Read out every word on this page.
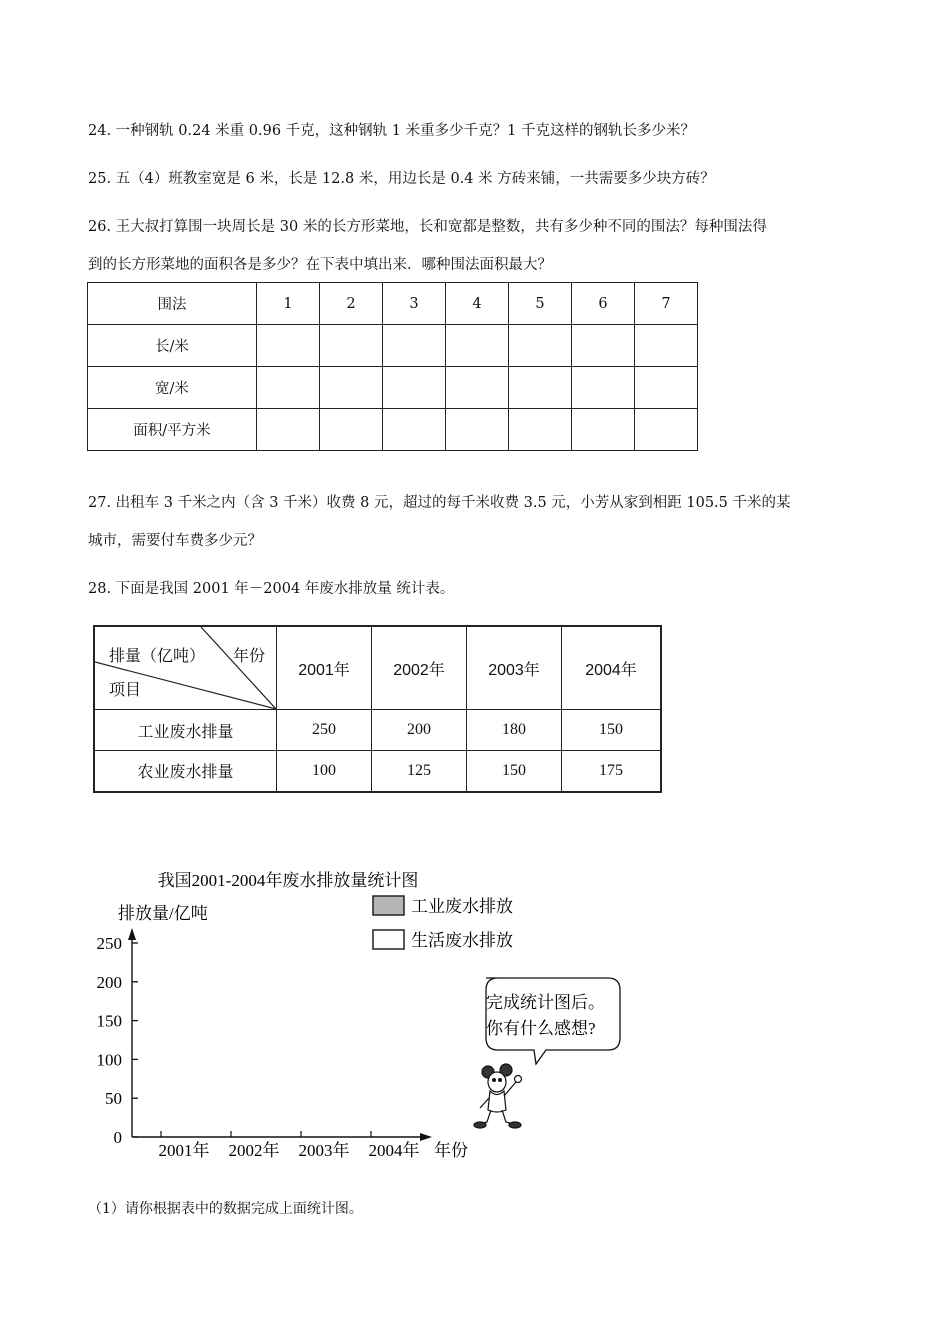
24. 一种钢轨 0.24 米重 0.96 千克，这种钢轨 1 米重多少千克？1 千克这样的钢轨长多少米？
25. 五（4）班教室宽是 6 米，长是 12.8 米，用边长是 0.4 米 方砖来铺，一共需要多少块方砖？
26. 王大叔打算围一块周长是 30 米的长方形菜地，长和宽都是整数，共有多少种不同的围法？每种围法得
到的长方形菜地的面积各是多少？在下表中填出来．哪种围法面积最大？
围法	1	2	3	4	5	6	7
长/米							
宽/米							
面积/平方米							
27. 出租车 3 千米之内（含 3 千米）收费 8 元，超过的每千米收费 3.5 元，小芳从家到相距 105.5 千米的某
城市，需要付车费多少元？
28. 下面是我国 2001 年－2004 年废水排放量 统计表。
排量（亿吨） 年份
项目	2001年	2002年	2003年	2004年
工业废水排量	250	200	180	150
农业废水排量	100	125	150	175
我国2001-2004年废水排放量统计图
排放量/亿吨	工业废水排放
生活废水排放
0
50
100
150
200
250
2001年 2002年 2003年 2004年 年份
完成统计图后。
你有什么感想?
（1）请你根据表中的数据完成上面统计图。
